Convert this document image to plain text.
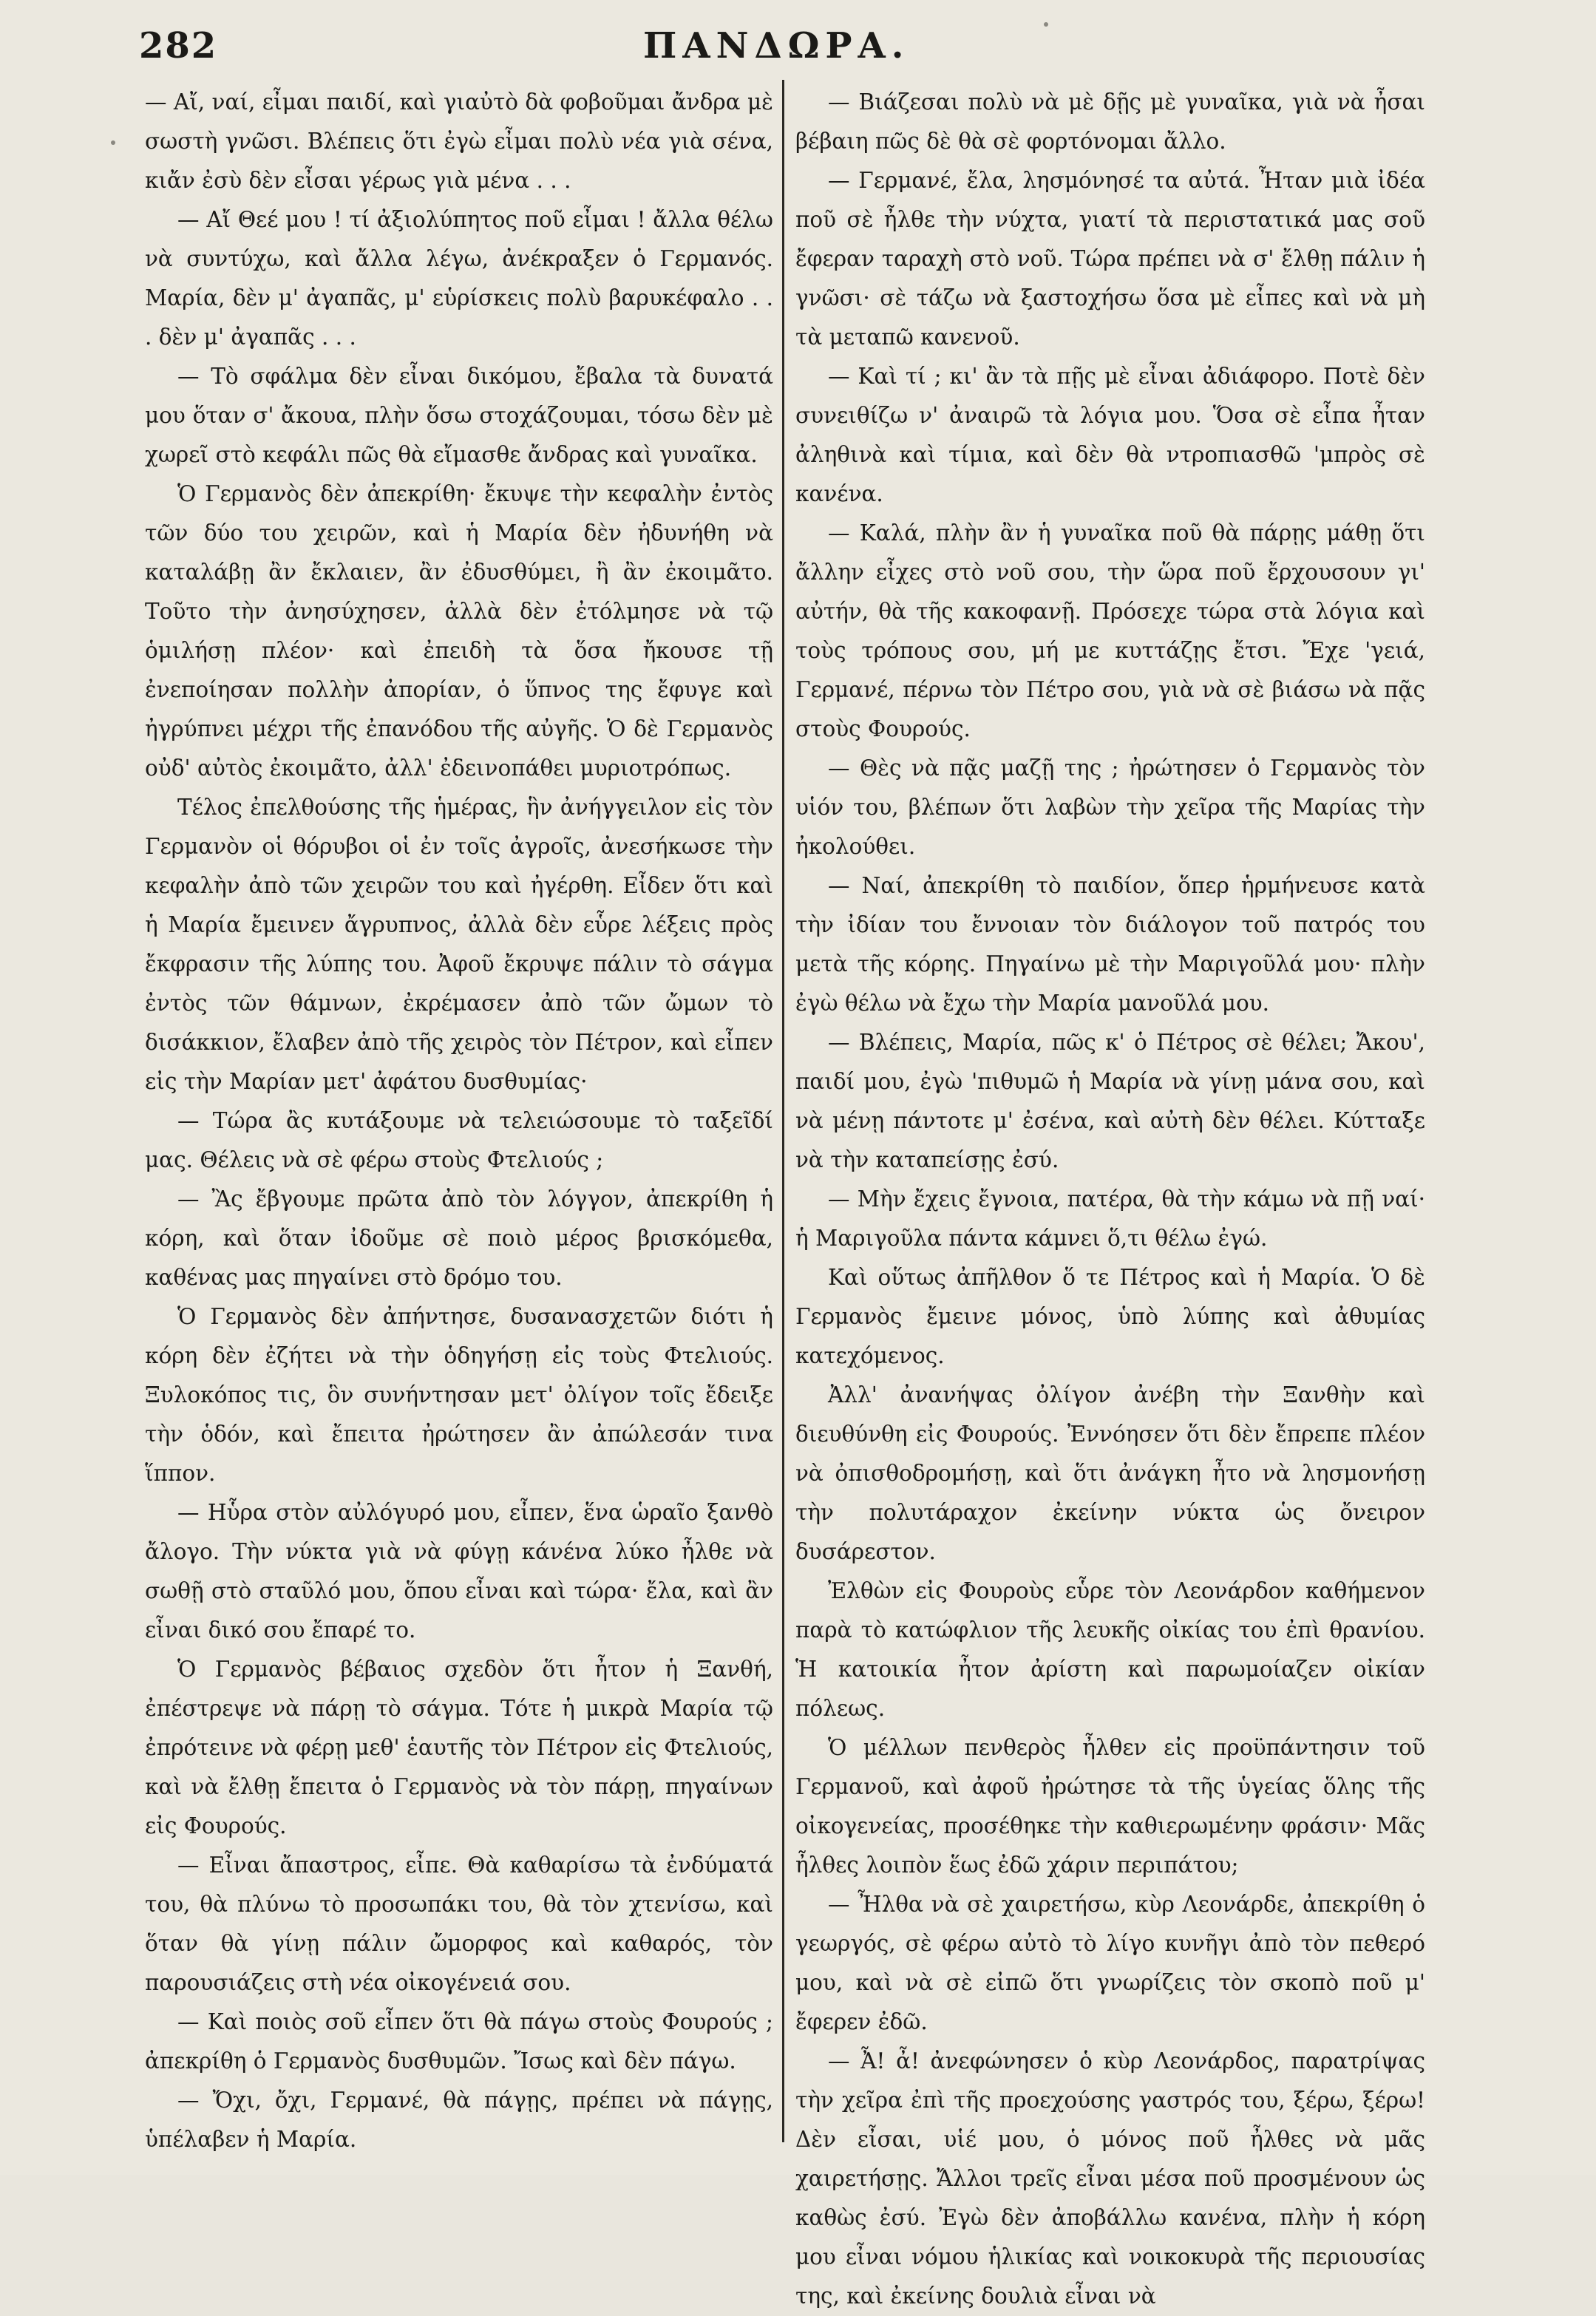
282	ΠΑΝΔΩΡΑ.

— Αἴ, ναί, εἶμαι παιδί, καὶ γιαὐτὸ δὰ φοβοῦμαι ἄνδρα μὲ σωστὴ γνῶσι. Βλέπεις ὅτι ἐγὼ εἶμαι πολὺ νέα γιὰ σένα, κιἄν ἐσὺ δὲν εἶσαι γέρως γιὰ μένα . . .

— Αἴ Θεέ μου ! τί ἀξιολύπητος ποῦ εἶμαι ! ἄλλα θέλω νὰ συντύχω, καὶ ἄλλα λέγω, ἀνέκραξεν ὁ Γερμανός. Μαρία, δὲν μ' ἀγαπᾶς, μ' εὑρίσκεις πολὺ βαρυκέφαλο . . . δὲν μ' ἀγαπᾶς . . .

— Τὸ σφάλμα δὲν εἶναι δικόμου, ἔβαλα τὰ δυνατά μου ὅταν σ' ἄκουα, πλὴν ὅσω στοχάζουμαι, τόσω δὲν μὲ χωρεῖ στὸ κεφάλι πῶς θὰ εἴμασθε ἄνδρας καὶ γυναῖκα.

Ὁ Γερμανὸς δὲν ἀπεκρίθη· ἔκυψε τὴν κεφαλὴν ἐντὸς τῶν δύο του χειρῶν, καὶ ἡ Μαρία δὲν ἠδυνήθη νὰ καταλάβῃ ἂν ἔκλαιεν, ἂν ἐδυσθύμει, ἢ ἂν ἐκοιμᾶτο. Τοῦτο τὴν ἀνησύχησεν, ἀλλὰ δὲν ἐτόλμησε νὰ τῷ ὁμιλήσῃ πλέον· καὶ ἐπειδὴ τὰ ὅσα ἤκουσε τῇ ἐνεποίησαν πολλὴν ἀπορίαν, ὁ ὕπνος της ἔφυγε καὶ ἠγρύπνει μέχρι τῆς ἐπανόδου τῆς αὐγῆς. Ὁ δὲ Γερμανὸς οὐδ' αὐτὸς ἐκοιμᾶτο, ἀλλ' ἐδεινοπάθει μυριοτρόπως.

Τέλος ἐπελθούσης τῆς ἡμέρας, ἣν ἀνήγγειλον εἰς τὸν Γερμανὸν οἱ θόρυβοι οἱ ἐν τοῖς ἀγροῖς, ἀνεσήκωσε τὴν κεφαλὴν ἀπὸ τῶν χειρῶν του καὶ ἠγέρθη. Εἶδεν ὅτι καὶ ἡ Μαρία ἔμεινεν ἄγρυπνος, ἀλλὰ δὲν εὗρε λέξεις πρὸς ἔκφρασιν τῆς λύπης του. Ἀφοῦ ἔκρυψε πάλιν τὸ σάγμα ἐντὸς τῶν θάμνων, ἐκρέμασεν ἀπὸ τῶν ὤμων τὸ δισάκκιον, ἔλαβεν ἀπὸ τῆς χειρὸς τὸν Πέτρον, καὶ εἶπεν εἰς τὴν Μαρίαν μετ' ἀφάτου δυσθυμίας·

— Τώρα ἂς κυτάξουμε νὰ τελειώσουμε τὸ ταξεῖδί μας. Θέλεις νὰ σὲ φέρω στοὺς Φτελιούς ;

— Ἂς ἔβγουμε πρῶτα ἀπὸ τὸν λόγγον, ἀπεκρίθη ἡ κόρη, καὶ ὅταν ἰδοῦμε σὲ ποιὸ μέρος βρισκόμεθα, καθένας μας πηγαίνει στὸ δρόμο του.

Ὁ Γερμανὸς δὲν ἀπήντησε, δυσανασχετῶν διότι ἡ κόρη δὲν ἐζήτει νὰ τὴν ὁδηγήσῃ εἰς τοὺς Φτελιούς. Ξυλοκόπος τις, ὃν συνήντησαν μετ' ὀλίγον τοῖς ἔδειξε τὴν ὁδόν, καὶ ἔπειτα ἠρώτησεν ἂν ἀπώλεσάν τινα ἵππον.

— Ηὗρα στὸν αὐλόγυρό μου, εἶπεν, ἕνα ὡραῖο ξανθὸ ἄλογο. Τὴν νύκτα γιὰ νὰ φύγῃ κάνένα λύκο ἦλθε νὰ σωθῇ στὸ σταῦλό μου, ὅπου εἶναι καὶ τώρα· ἔλα, καὶ ἂν εἶναι δικό σου ἔπαρέ το.

Ὁ Γερμανὸς βέβαιος σχεδὸν ὅτι ἦτον ἡ Ξανθή, ἐπέστρεψε νὰ πάρῃ τὸ σάγμα. Τότε ἡ μικρὰ Μαρία τῷ ἐπρότεινε νὰ φέρῃ μεθ' ἑαυτῆς τὸν Πέτρον εἰς Φτελιούς, καὶ νὰ ἔλθῃ ἔπειτα ὁ Γερμανὸς νὰ τὸν πάρῃ, πηγαίνων εἰς Φουρούς.

— Εἶναι ἄπαστρος, εἶπε. Θὰ καθαρίσω τὰ ἐνδύματά του, θὰ πλύνω τὸ προσωπάκι του, θὰ τὸν χτενίσω, καὶ ὅταν θὰ γίνῃ πάλιν ὤμορφος καὶ καθαρός, τὸν παρουσιάζεις στὴ νέα οἰκογένειά σου.

— Καὶ ποιὸς σοῦ εἶπεν ὅτι θὰ πάγω στοὺς Φουρούς ; ἀπεκρίθη ὁ Γερμανὸς δυσθυμῶν. Ἴσως καὶ δὲν πάγω.

— Ὄχι, ὄχι, Γερμανέ, θὰ πάγῃς, πρέπει νὰ πάγῃς, ὑπέλαβεν ἡ Μαρία.

— Βιάζεσαι πολὺ νὰ μὲ δῇς μὲ γυναῖκα, γιὰ νὰ ἦσαι βέβαιη πῶς δὲ θὰ σὲ φορτόνομαι ἄλλο.

— Γερμανέ, ἔλα, λησμόνησέ τα αὐτά. Ἦταν μιὰ ἰδέα ποῦ σὲ ἦλθε τὴν νύχτα, γιατί τὰ περιστατικά μας σοῦ ἔφεραν ταραχὴ στὸ νοῦ. Τώρα πρέπει νὰ σ' ἔλθῃ πάλιν ἡ γνῶσι· σὲ τάζω νὰ ξαστοχήσω ὅσα μὲ εἶπες καὶ νὰ μὴ τὰ μεταπῶ κανενοῦ.

— Καὶ τί ; κι' ἂν τὰ πῇς μὲ εἶναι ἀδιάφορο. Ποτὲ δὲν συνειθίζω ν' ἀναιρῶ τὰ λόγια μου. Ὅσα σὲ εἶπα ἦταν ἀληθινὰ καὶ τίμια, καὶ δὲν θὰ ντροπιασθῶ 'μπρὸς σὲ κανένα.

— Καλά, πλὴν ἂν ἡ γυναῖκα ποῦ θὰ πάρῃς μάθῃ ὅτι ἄλλην εἶχες στὸ νοῦ σου, τὴν ὥρα ποῦ ἔρχουσουν γι' αὐτήν, θὰ τῆς κακοφανῇ. Πρόσεχε τώρα στὰ λόγια καὶ τοὺς τρόπους σου, μή με κυττάζῃς ἔτσι. Ἔχε 'γειά, Γερμανέ, πέρνω τὸν Πέτρο σου, γιὰ νὰ σὲ βιάσω νὰ πᾷς στοὺς Φουρούς.

— Θὲς νὰ πᾷς μαζῇ της ; ἠρώτησεν ὁ Γερμανὸς τὸν υἱόν του, βλέπων ὅτι λαβὼν τὴν χεῖρα τῆς Μαρίας τὴν ἠκολούθει.

— Ναί, ἀπεκρίθη τὸ παιδίον, ὅπερ ἡρμήνευσε κατὰ τὴν ἰδίαν του ἔννοιαν τὸν διάλογον τοῦ πατρός του μετὰ τῆς κόρης. Πηγαίνω μὲ τὴν Μαριγοῦλά μου· πλὴν ἐγὼ θέλω νὰ ἔχω τὴν Μαρία μανοῦλά μου.

— Βλέπεις, Μαρία, πῶς κ' ὁ Πέτρος σὲ θέλει; Ἄκου', παιδί μου, ἐγὼ 'πιθυμῶ ἡ Μαρία νὰ γίνῃ μάνα σου, καὶ νὰ μένῃ πάντοτε μ' ἐσένα, καὶ αὐτὴ δὲν θέλει. Κύτταξε νὰ τὴν καταπείσῃς ἐσύ.

— Μὴν ἔχεις ἔγνοια, πατέρα, θὰ τὴν κάμω νὰ πῇ ναί· ἡ Μαριγοῦλα πάντα κάμνει ὅ,τι θέλω ἐγώ.

Καὶ οὕτως ἀπῆλθον ὅ τε Πέτρος καὶ ἡ Μαρία. Ὁ δὲ Γερμανὸς ἔμεινε μόνος, ὑπὸ λύπης καὶ ἀθυμίας κατεχόμενος.

Ἀλλ' ἀνανήψας ὀλίγον ἀνέβη τὴν Ξανθὴν καὶ διευθύνθη εἰς Φουρούς. Ἐννόησεν ὅτι δὲν ἔπρεπε πλέον νὰ ὀπισθοδρομήσῃ, καὶ ὅτι ἀνάγκη ἦτο νὰ λησμονήσῃ τὴν πολυτάραχον ἐκείνην νύκτα ὡς ὄνειρον δυσάρεστον.

Ἐλθὼν εἰς Φουροὺς εὗρε τὸν Λεονάρδον καθήμενον παρὰ τὸ κατώφλιον τῆς λευκῆς οἰκίας του ἐπὶ θρανίου. Ἡ κατοικία ἦτον ἀρίστη καὶ παρωμοίαζεν οἰκίαν πόλεως.

Ὁ μέλλων πενθερὸς ἦλθεν εἰς προϋπάντησιν τοῦ Γερμανοῦ, καὶ ἀφοῦ ἠρώτησε τὰ τῆς ὑγείας ὅλης τῆς οἰκογενείας, προσέθηκε τὴν καθιερωμένην φράσιν· Μᾶς ἦλθες λοιπὸν ἕως ἐδῶ χάριν περιπάτου;

— Ἦλθα νὰ σὲ χαιρετήσω, κὺρ Λεονάρδε, ἀπεκρίθη ὁ γεωργός, σὲ φέρω αὐτὸ τὸ λίγο κυνῆγι ἀπὸ τὸν πεθερό μου, καὶ νὰ σὲ εἰπῶ ὅτι γνωρίζεις τὸν σκοπὸ ποῦ μ' ἔφερεν ἐδῶ.

— Ἆ! ἆ! ἀνεφώνησεν ὁ κὺρ Λεονάρδος, παρατρίψας τὴν χεῖρα ἐπὶ τῆς προεχούσης γαστρός του, ξέρω, ξέρω! Δὲν εἶσαι, υἱέ μου, ὁ μόνος ποῦ ἦλθες νὰ μᾶς χαιρετήσῃς. Ἄλλοι τρεῖς εἶναι μέσα ποῦ προσμένουν ὡς καθὼς ἐσύ. Ἐγὼ δὲν ἀποβάλλω κανένα, πλὴν ἡ κόρη μου εἶναι νόμου ἡλικίας καὶ νοικοκυρὰ τῆς περιουσίας της, καὶ ἐκείνης δουλιὰ εἶναι νὰ
